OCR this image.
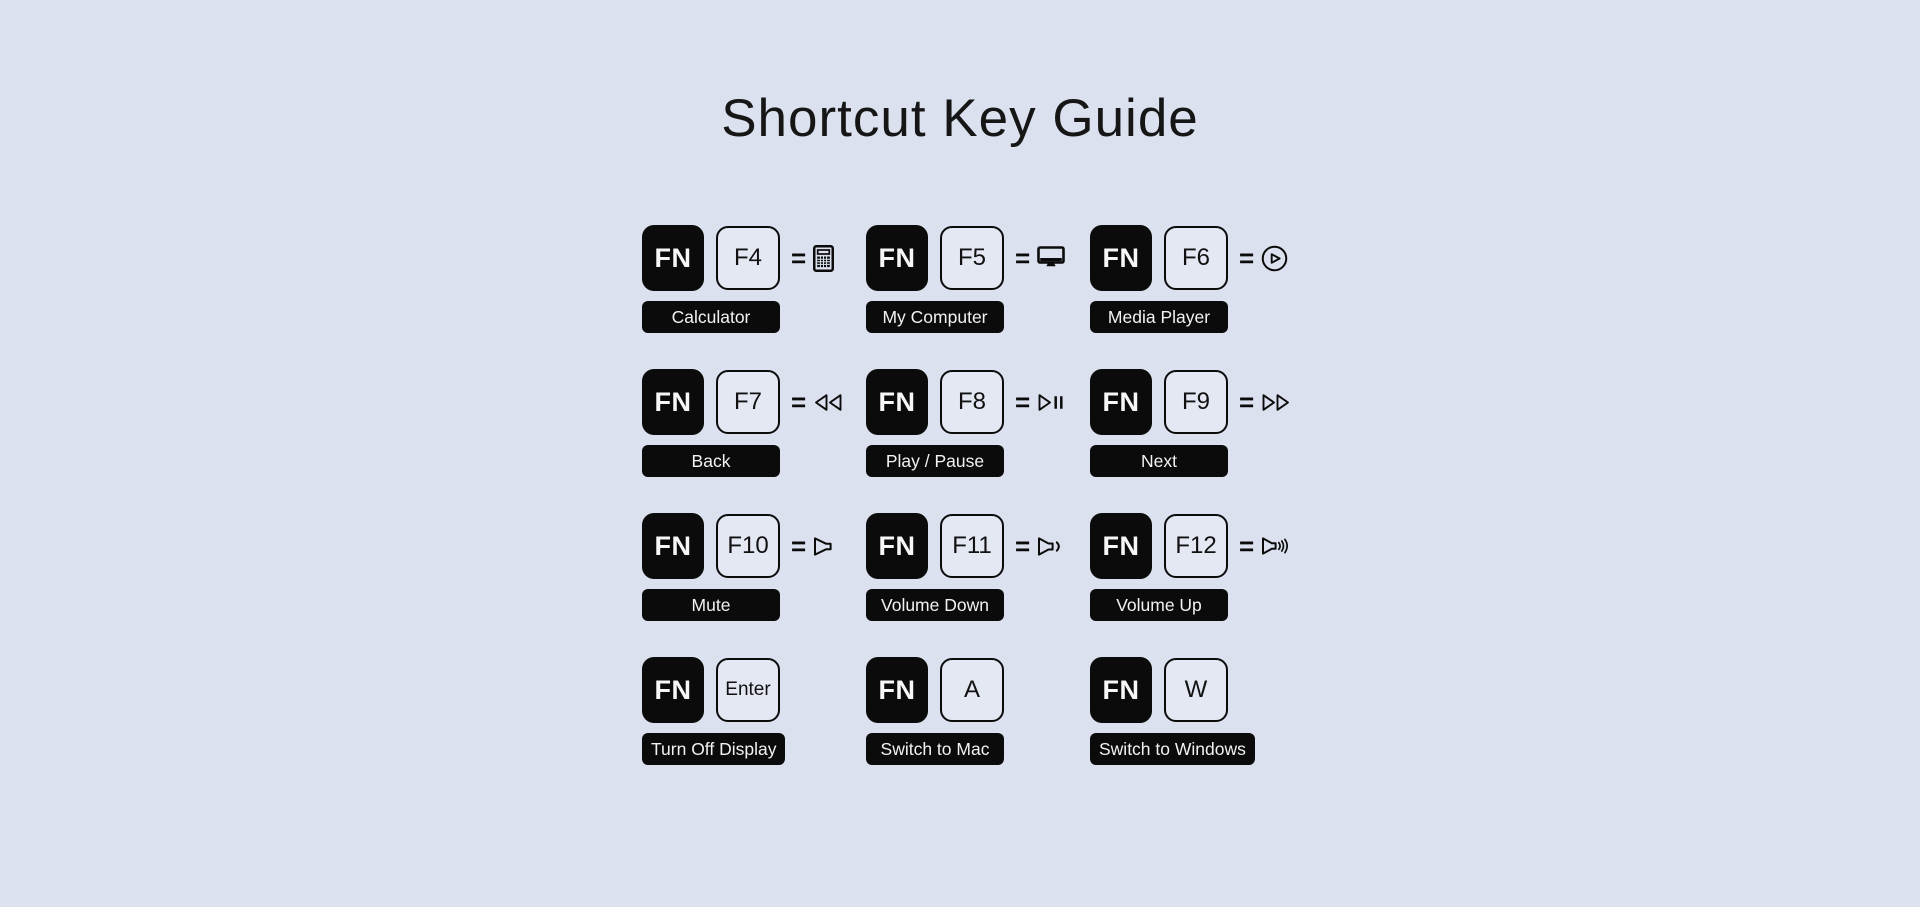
Shortcut Key Guide
FN	F4	=
Calculator
FN	F5	=
My Computer
FN	F6	=
Media Player
FN	F7	=
Back
FN	F8	=
Play / Pause
FN	F9	=
Next
FN	F10 =
Mute
FN	F11 =
Volume Down
FN	F12 =
Volume Up
FN	Enter
Turn Off Display
FN	A
Switch to Mac
FN	W
Switch to Windows
